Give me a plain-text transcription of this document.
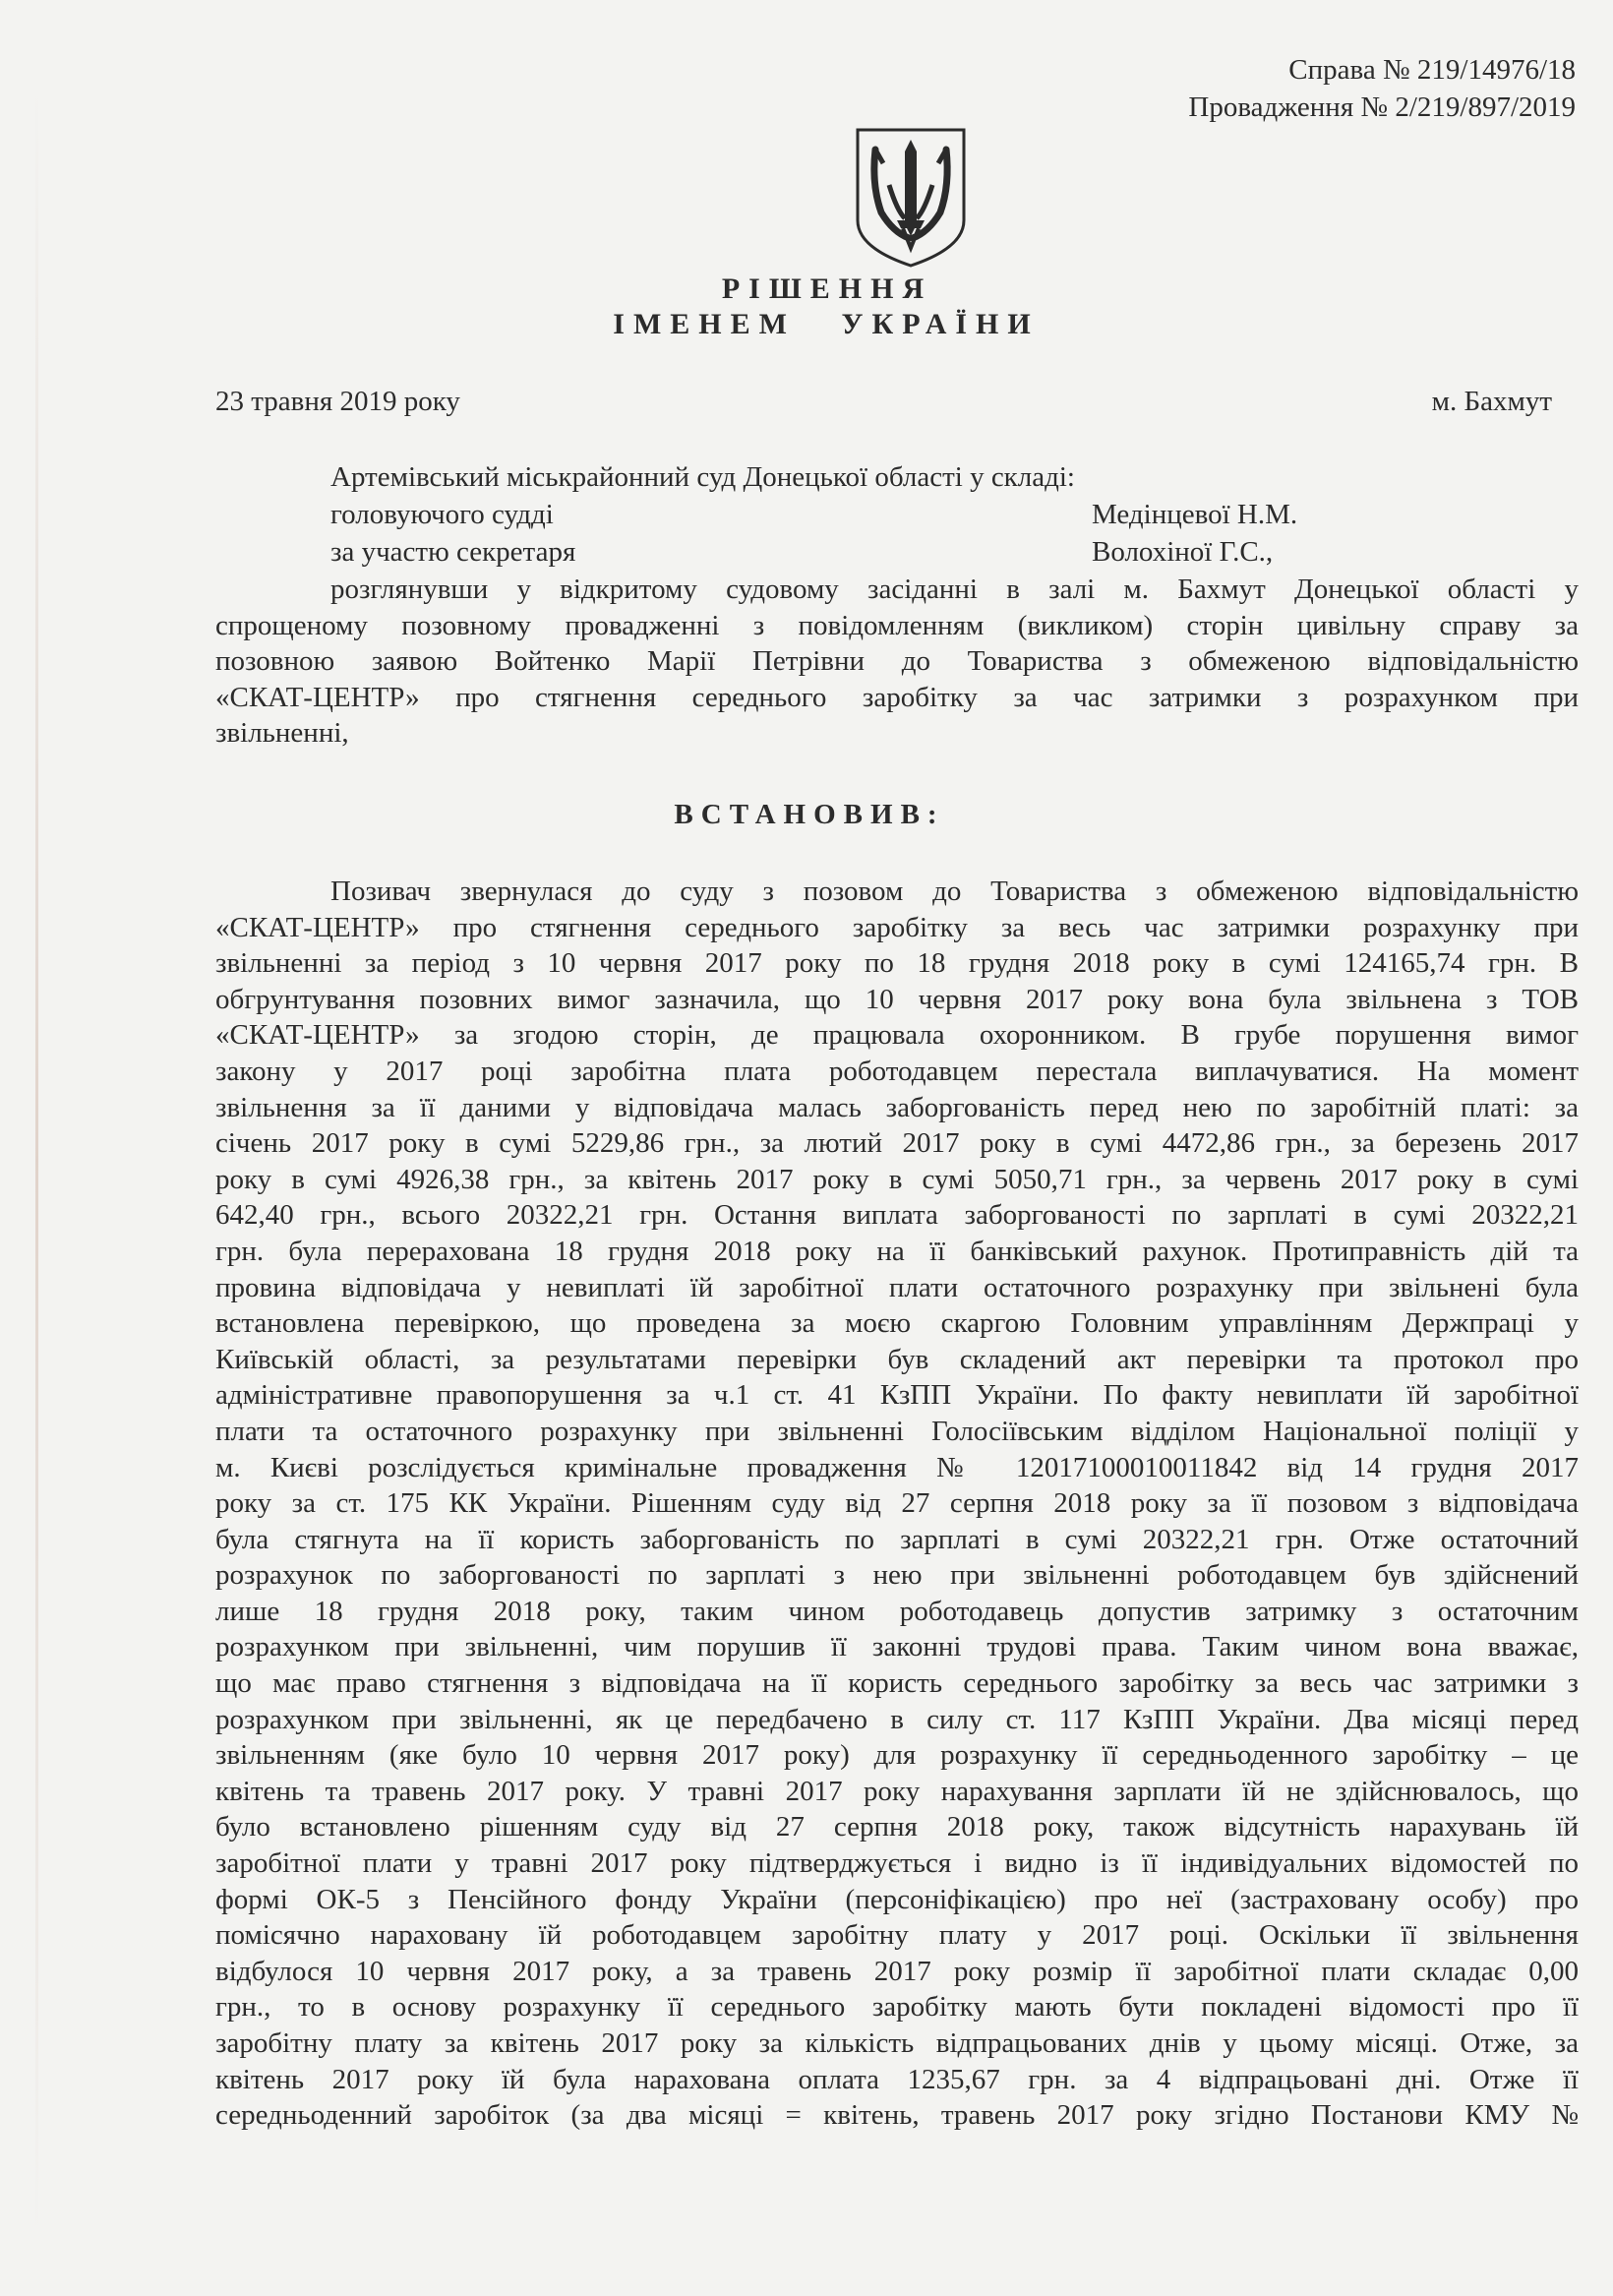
Справа № 219/14976/18
Провадження № 2/219/897/2019
РІШЕННЯ
ІМЕНЕМ УКРАЇНИ
23 травня 2019 року	м. Бахмут
Артемівський міськрайонний суд Донецької області у складі:
головуючого судді	Медінцевої Н.М.
за участю секретаря	Волохіної Г.С.,
розглянувши у відкритому судовому засіданні в залі м. Бахмут Донецької області у
спрощеному позовному провадженні з повідомленням (викликом) сторін цивільну справу за
позовною заявою Войтенко Марії Петрівни до Товариства з обмеженою відповідальністю
«СКАТ-ЦЕНТР» про стягнення середнього заробітку за час затримки з розрахунком при
звільненні,
ВСТАНОВИВ:
Позивач звернулася до суду з позовом до Товариства з обмеженою відповідальністю
«СКАТ-ЦЕНТР» про стягнення середнього заробітку за весь час затримки розрахунку при
звільненні за період з 10 червня 2017 року по 18 грудня 2018 року в сумі 124165,74 грн. В
обгрунтування позовних вимог зазначила, що 10 червня 2017 року вона була звільнена з ТОВ
«СКАТ-ЦЕНТР» за згодою сторін, де працювала охоронником. В грубе порушення вимог
закону у 2017 році заробітна плата роботодавцем перестала виплачуватися. На момент
звільнення за її даними у відповідача малась заборгованість перед нею по заробітній платі: за
січень 2017 року в сумі 5229,86 грн., за лютий 2017 року в сумі 4472,86 грн., за березень 2017
року в сумі 4926,38 грн., за квітень 2017 року в сумі 5050,71 грн., за червень 2017 року в сумі
642,40 грн., всього 20322,21 грн. Остання виплата заборгованості по зарплаті в сумі 20322,21
грн. була перерахована 18 грудня 2018 року на її банківський рахунок. Протиправність дій та
провина відповідача у невиплаті їй заробітної плати остаточного розрахунку при звільнені була
встановлена перевіркою, що проведена за моєю скаргою Головним управлінням Держпраці у
Київській області, за результатами перевірки був складений акт перевірки та протокол про
адміністративне правопорушення за ч.1 ст. 41 КзПП України. По факту невиплати їй заробітної
плати та остаточного розрахунку при звільненні Голосіївським відділом Національної поліції у
м. Києві розслідується кримінальне провадження № 12017100010011842 від 14 грудня 2017
року за ст. 175 КК України. Рішенням суду від 27 серпня 2018 року за її позовом з відповідача
була стягнута на її користь заборгованість по зарплаті в сумі 20322,21 грн. Отже остаточний
розрахунок по заборгованості по зарплаті з нею при звільненні роботодавцем був здійснений
лише 18 грудня 2018 року, таким чином роботодавець допустив затримку з остаточним
розрахунком при звільненні, чим порушив її законні трудові права. Таким чином вона вважає,
що має право стягнення з відповідача на її користь середнього заробітку за весь час затримки з
розрахунком при звільненні, як це передбачено в силу ст. 117 КзПП України. Два місяці перед
звільненням (яке було 10 червня 2017 року) для розрахунку її середньоденного заробітку – це
квітень та травень 2017 року. У травні 2017 року нарахування зарплати їй не здійснювалось, що
було встановлено рішенням суду від 27 серпня 2018 року, також відсутність нарахувань їй
заробітної плати у травні 2017 року підтверджується і видно із її індивідуальних відомостей по
формі ОК-5 з Пенсійного фонду України (персоніфікацією) про неї (застраховану особу) про
помісячно нараховану їй роботодавцем заробітну плату у 2017 році. Оскільки її звільнення
відбулося 10 червня 2017 року, а за травень 2017 року розмір її заробітної плати складає 0,00
грн., то в основу розрахунку її середнього заробітку мають бути покладені відомості про її
заробітну плату за квітень 2017 року за кількість відпрацьованих днів у цьому місяці. Отже, за
квітень 2017 року їй була нарахована оплата 1235,67 грн. за 4 відпрацьовані дні. Отже її
середньоденний заробіток (за два місяці = квітень, травень 2017 року згідно Постанови КМУ №
